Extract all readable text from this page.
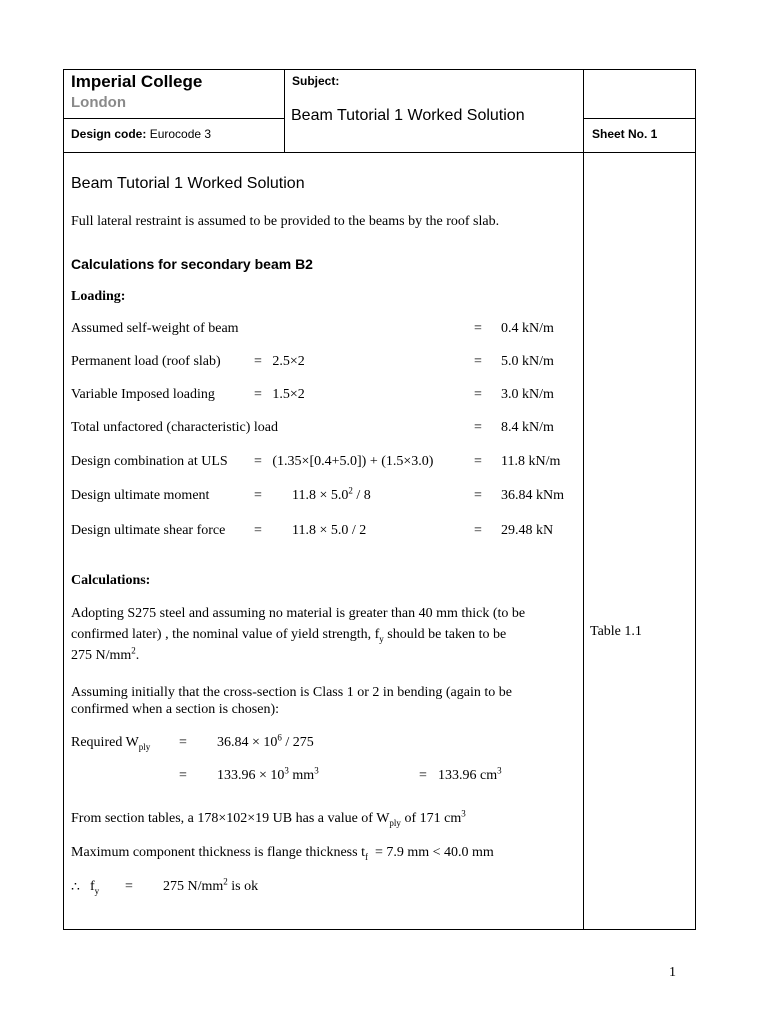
Imperial College
London
Subject:
Beam Tutorial 1 Worked Solution
Design code: Eurocode 3	Sheet No. 1
Beam Tutorial 1 Worked Solution
Full lateral restraint is assumed to be provided to the beams by the roof slab.
Calculations for secondary beam B2
Loading:
Assumed self-weight of beam	= 0.4 kN/m
Permanent load (roof slab) =   2.5×2	= 5.0 kN/m
Variable Imposed loading	=   1.5×2	= 3.0 kN/m
Total unfactored (characteristic) load	= 8.4 kN/m
Design combination at ULS =   (1.35×[0.4+5.0]) + (1.5×3.0)	= 11.8 kN/m
Design ultimate moment	= $11.8 \times 5.0^2 / 8$	= 36.84 kNm
Design ultimate shear force = 11.8 × 5.0 / 2	= 29.48 kN
Calculations:
Adopting S275 steel and assuming no material is greater than 40 mm thick (to be
confirmed later) , the nominal value of yield strength, $f_y$ should be taken to be
275 $N/mm^2$.
Table 1.1
Assuming initially that the cross-section is Class 1 or 2 in bending (again to be
confirmed when a section is chosen):
Required $W_{ply} = 36.84 \times 10^6 / 275$
= $133.96 \times 10^3$ $mm^3$	= 133.96 $cm^3$
From section tables, a 178×102×19 UB has a value of $W_{ply}$ of 171 $cm^3$
Maximum component thickness is flange thickness $t_f = 7.9$ mm < 40.0 mm
∴ $f_y = 275$ $N/mm^2$ is ok
1
